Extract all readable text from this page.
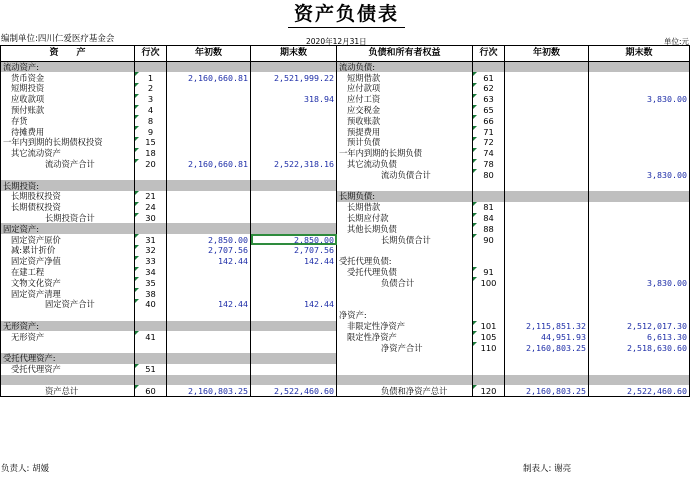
资产负债表
编制单位:四川仁爱医疗基金会	2020年12月31日	单位:元
资　　产	行次	年初数	期末数	负债和所有者权益	行次	年初数	期末数
流动资产:				流动负债:			
货币资金	1	2,160,660.81	2,521,999.22	短期借款	61		
短期投资	2			应付款项	62		
应收款项	3		318.94	应付工资	63		3,830.00
预付账款	4			应交税金	65		
存货	8			预收账款	66		
待摊费用	9			预提费用	71		
一年内到期的长期债权投资	15			预计负债	72		
其它流动资产	18			一年内到期的长期负债	74		
流动资产合计	20	2,160,660.81	2,522,318.16	其它流动负债	78		
				流动负债合计	80		3,830.00
长期投资:							
长期股权投资	21			长期负债:			
长期债权投资	24			长期借款	81		
长期投资合计	30			长期应付款	84		
固定资产:				其他长期负债	88		
固定资产原价	31	2,850.00	2,850.00	长期负债合计	90		
减:累计折价	32	2,707.56	2,707.56				
固定资产净值	33	142.44	142.44	受托代理负债:			
在建工程	34			受托代理负债	91		
文物文化资产	35			负债合计	100		3,830.00
固定资产清理	38						
固定资产合计	40	142.44	142.44				
				净资产:			
无形资产:				非限定性净资产	101	2,115,851.32	2,512,017.30
无形资产	41			限定性净资产	105	44,951.93	6,613.30
				净资产合计	110	2,160,803.25	2,518,630.60
受托代理资产:							
受托代理资产	51						

资产总计	60	2,160,803.25	2,522,460.60	负债和净资产总计	120	2,160,803.25	2,522,460.60
负责人: 胡媛	制表人: 谢亮
